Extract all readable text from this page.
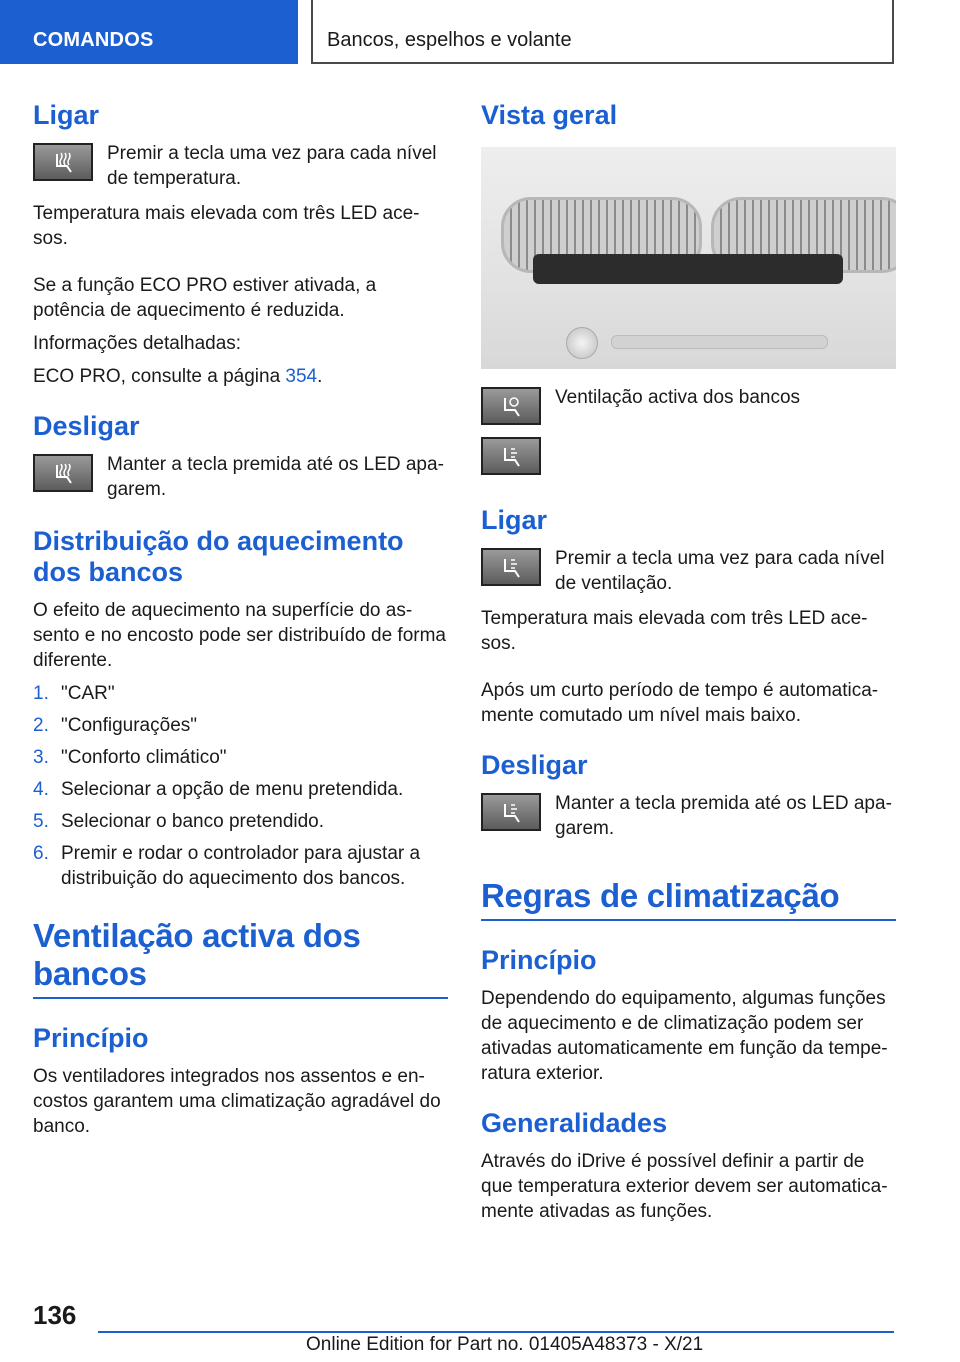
COMANDOS	Bancos, espelhos e volante
Ligar
Premir a tecla uma vez para cada nível de temperatura.

Temperatura mais elevada com três LED ace-sos.

Se a função ECO PRO estiver ativada, a potência de aquecimento é reduzida.

Informações detalhadas:

ECO PRO, consulte a página 354.

Desligar
Manter a tecla premida até os LED apa-garem.
Distribuição do aquecimento dos bancos

O efeito de aquecimento na superfície do as-sento e no encosto pode ser distribuído de forma diferente.

1. "CAR"
2. "Configurações"
3. "Conforto climático"
4. Selecionar a opção de menu pretendida.
5. Selecionar o banco pretendido.
6. Premir e rodar o controlador para ajustar a distribuição do aquecimento dos bancos.
Ventilação activa dos bancos
Princípio

Os ventiladores integrados nos assentos e en-costos garantem uma climatização agradável do banco.

Vista geral
Ventilação activa dos bancos
Ligar
Premir a tecla uma vez para cada nível de ventilação.

Temperatura mais elevada com três LED ace-sos.

Após um curto período de tempo é automatica-mente comutado um nível mais baixo.

Desligar
Manter a tecla premida até os LED apa-garem.
Regras de climatização
Princípio

Dependendo do equipamento, algumas funções de aquecimento e de climatização podem ser ativadas automaticamente em função da tempe-ratura exterior.

Generalidades

Através do iDrive é possível definir a partir de que temperatura exterior devem ser automatica-mente ativadas as funções.

136
Online Edition for Part no. 01405A48373 - X/21
